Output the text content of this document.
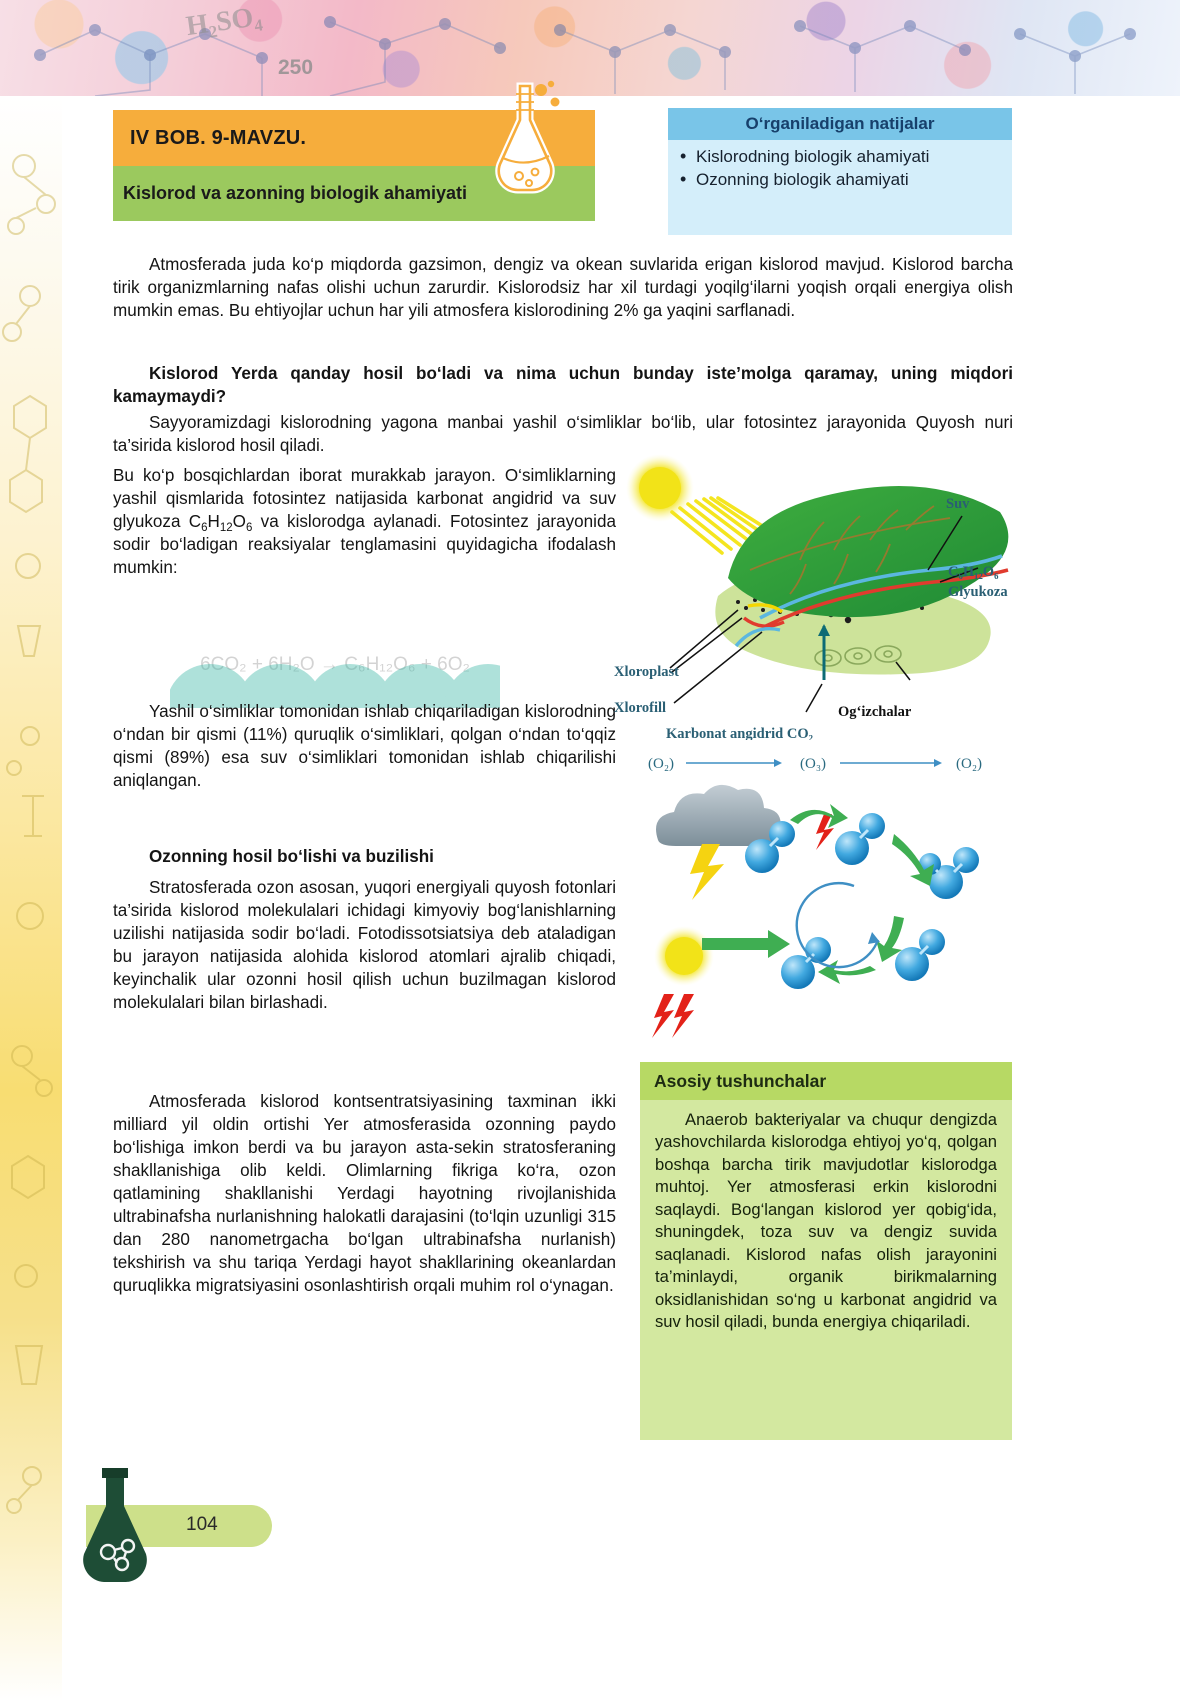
H₂SO₄
250
IV BOB. 9-MAVZU.
Kislorod va azonning biologik ahamiyati
O‘rganiladigan natijalar
• Kislorodning biologik ahamiyati
• Ozonning biologik ahamiyati
Atmosferada juda ko‘p miqdorda gazsimon, dengiz va okean suvlarida erigan kislorod mavjud. Kislorod barcha tirik organizmlarning nafas olishi uchun zarurdir. Kislorodsiz har xil turdagi yoqilg‘ilarni yoqish orqali energiya olish mumkin emas. Bu ehtiyojlar uchun har yili atmosfera kislorodining 2% ga yaqini sarflanadi.
Kislorod Yerda qanday hosil bo‘ladi va nima uchun bunday iste’molga qaramay, uning miqdori kamaymaydi?
Sayyoramizdagi kislorodning yagona manbai yashil o‘simliklar bo‘lib, ular fotosintez jarayonida Quyosh nuri ta’sirida kislorod hosil qiladi.
Bu ko‘p bosqichlardan iborat murakkab jarayon. O‘simliklarning yashil qismlarida fotosintez natijasida karbonat angidrid va suv glyukoza $C_6H_{12}O_6$ va kislorodga aylanadi. Fotosintez jarayonida sodir bo‘ladigan reaksiyalar tenglamasini quyidagicha ifodalash mumkin:
6CO₂ + 6H₂O → C₆H₁₂O₆ + 6O₂
Yashil o‘simliklar tomonidan ishlab chiqariladigan kislorodning o‘ndan bir qismi (11%) quruqlik o‘simliklari, qolgan o‘ndan to‘qqiz qismi (89%) esa suv o‘simliklari tomonidan ishlab chiqarilishi aniqlangan.
Ozonning hosil bo‘lishi va buzilishi
Stratosferada ozon asosan, yuqori energiyali quyosh fotonlari ta’sirida kislorod molekulalari ichidagi kimyoviy bog‘lanishlarning uzilishi natijasida sodir bo‘ladi. Fotodissotsiatsiya deb ataladigan bu jarayon natijasida alohida kislorod atomlari ajralib chiqadi, keyinchalik ular ozonni hosil qilish uchun buzilmagan kislorod molekulalari bilan birlashadi.
Atmosferada kislorod kontsentratsiyasining taxminan ikki milliard yil oldin ortishi Yer atmosferasida ozonning paydo bo‘lishiga imkon berdi va bu jarayon asta-sekin stratosferaning shakllanishiga olib keldi. Olimlarning fikriga ko‘ra, ozon qatlamining shakllanishi Yerdagi hayotning rivojlanishida ultrabinafsha nurlanishning halokatli darajasini (to‘lqin uzunligi 315 dan 280 nanometrgacha bo‘lgan ultrabinafsha nurlanish) tekshirish va shu tariqa Yerdagi hayot shakllarining okeanlardan quruqlikka migratsiyasini osonlashtirish orqali muhim rol o‘ynagan.
Suv
C₆H₁₂O₆
Glyukoza
Xloroplast
Xlorofill	Og‘izchalar
Karbonat angidrid CO₂
(O₂)	(O₃)	(O₂)
Asosiy tushunchalar
Anaerob bakteriyalar va chuqur dengizda yashovchilarda kislorodga ehtiyoj yo‘q, qolgan boshqa barcha tirik mavjudotlar kislorodga muhtoj. Yer atmosferasi erkin kislorodni saqlaydi. Bog‘langan kislorod yer qobig‘ida, shuningdek, toza suv va dengiz suvida saqlanadi. Kislorod nafas olish jarayonini ta’minlaydi, organik birikmalarning oksidlanishidan so‘ng u karbonat angidrid va suv hosil qiladi, bunda energiya chiqariladi.
104
